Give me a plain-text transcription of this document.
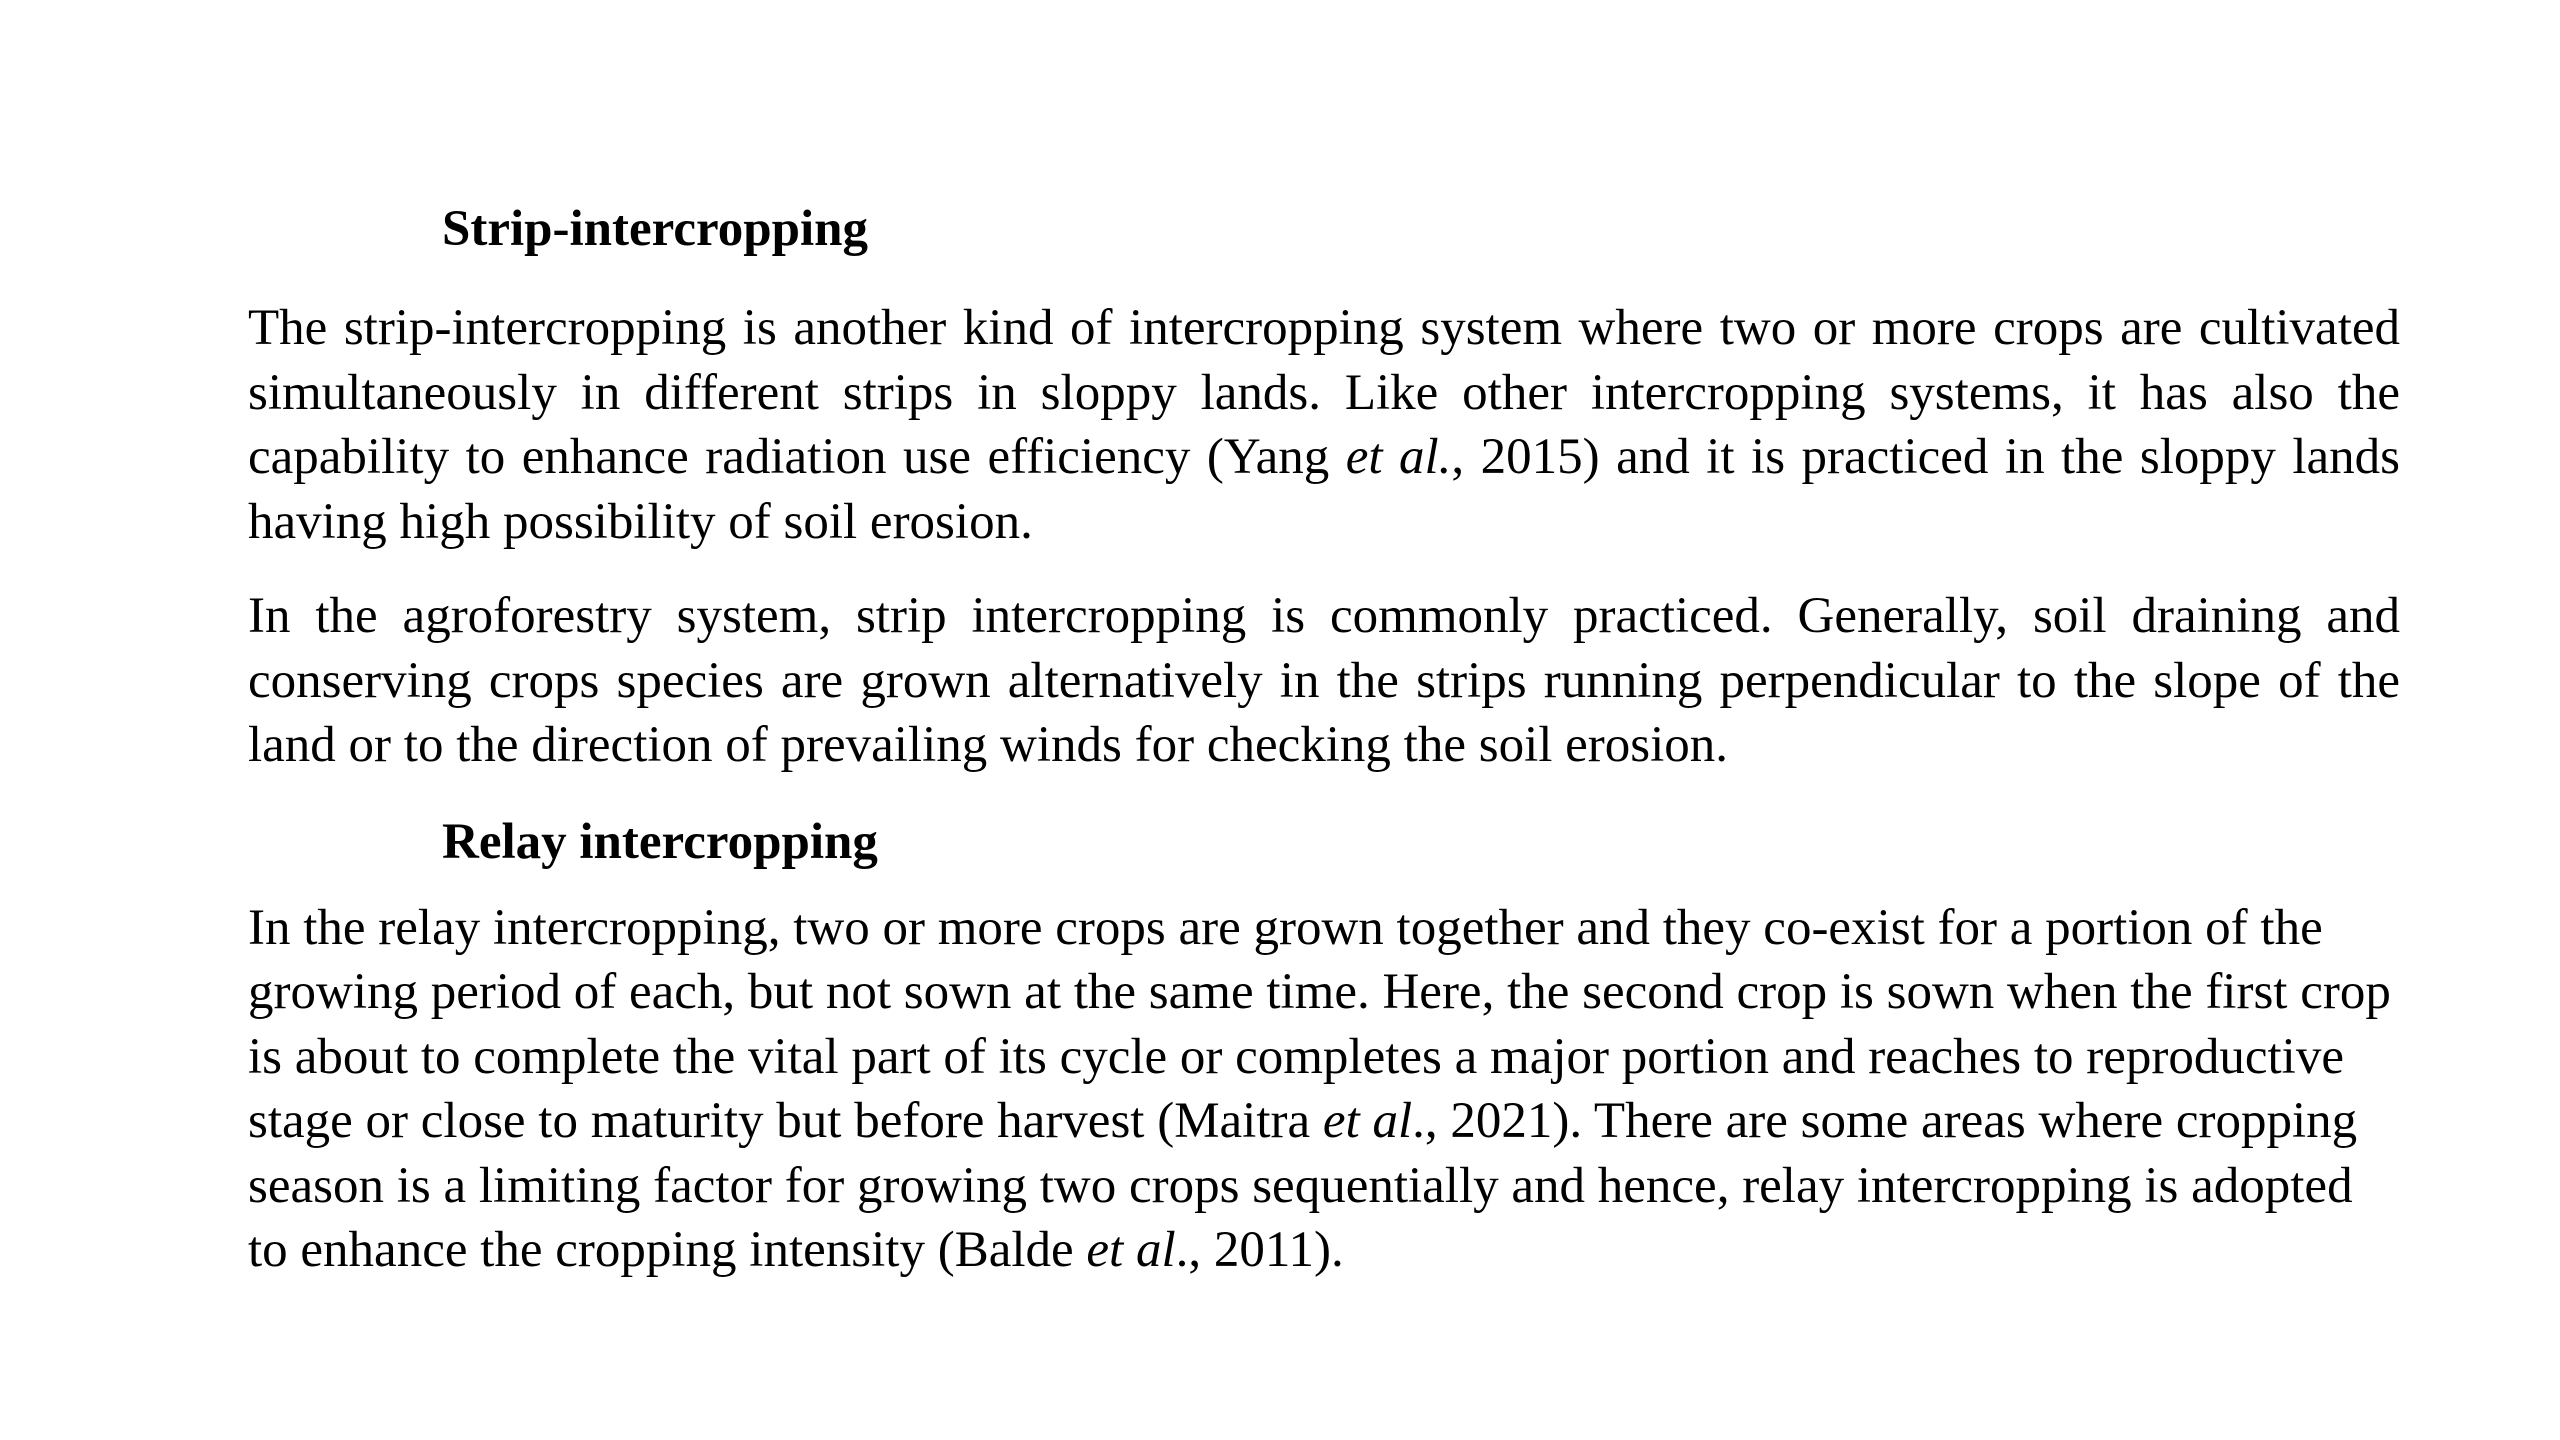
Strip-intercropping

The strip-intercropping is another kind of intercropping system where two or more crops are cultivated simultaneously in different strips in sloppy lands. Like other intercropping systems, it has also the capability to enhance radiation use efficiency (Yang et al., 2015) and it is practiced in the sloppy lands having high possibility of soil erosion.

In the agroforestry system, strip intercropping is commonly practiced. Generally, soil draining and conserving crops species are grown alternatively in the strips running perpendicular to the slope of the land or to the direction of prevailing winds for checking the soil erosion.

Relay intercropping

In the relay intercropping, two or more crops are grown together and they co-exist for a portion of the growing period of each, but not sown at the same time. Here, the second crop is sown when the first crop is about to complete the vital part of its cycle or completes a major portion and reaches to reproductive stage or close to maturity but before harvest (Maitra et al., 2021). There are some areas where cropping season is a limiting factor for growing two crops sequentially and hence, relay intercropping is adopted to enhance the cropping intensity (Balde et al., 2011).
